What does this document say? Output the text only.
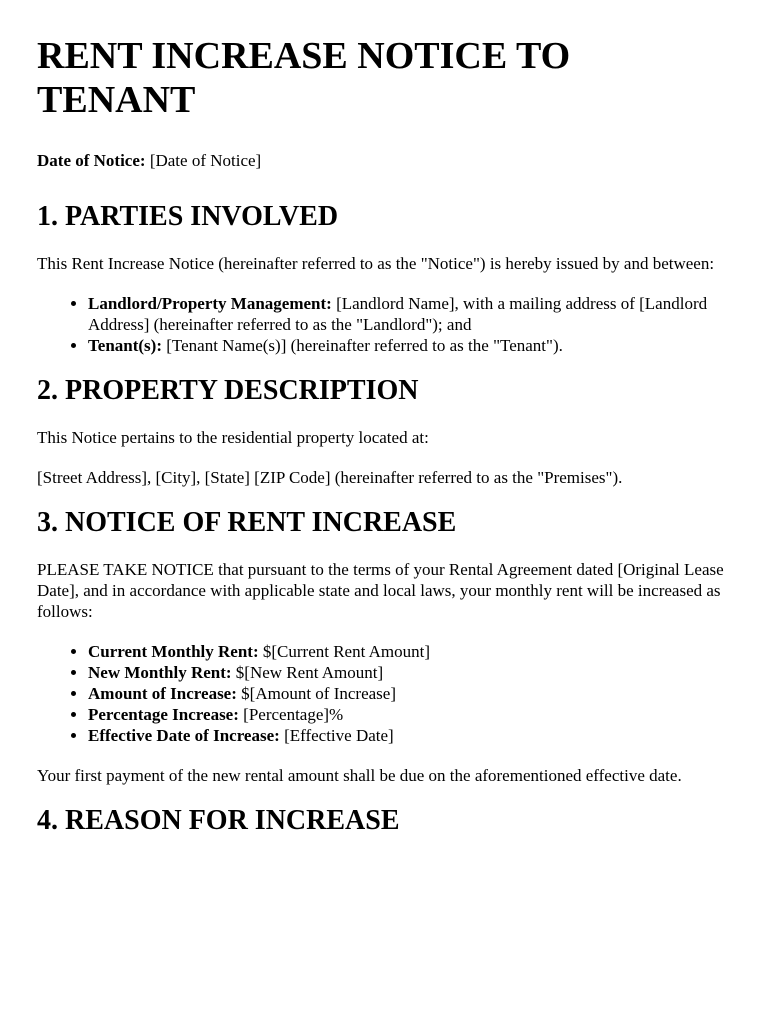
RENT INCREASE NOTICE TO TENANT

Date of Notice: [Date of Notice]

1. PARTIES INVOLVED

This Rent Increase Notice (hereinafter referred to as the "Notice") is hereby issued by and between:

• Landlord/Property Management: [Landlord Name], with a mailing address of [Landlord Address] (hereinafter referred to as the "Landlord"); and
• Tenant(s): [Tenant Name(s)] (hereinafter referred to as the "Tenant").
2. PROPERTY DESCRIPTION

This Notice pertains to the residential property located at:

[Street Address], [City], [State] [ZIP Code] (hereinafter referred to as the "Premises").

3. NOTICE OF RENT INCREASE

PLEASE TAKE NOTICE that pursuant to the terms of your Rental Agreement dated [Original Lease Date], and in accordance with applicable state and local laws, your monthly rent will be increased as follows:

• Current Monthly Rent: $[Current Rent Amount]
• New Monthly Rent: $[New Rent Amount]
• Amount of Increase: $[Amount of Increase]
• Percentage Increase: [Percentage]%
• Effective Date of Increase: [Effective Date]

Your first payment of the new rental amount shall be due on the aforementioned effective date.

4. REASON FOR INCREASE
